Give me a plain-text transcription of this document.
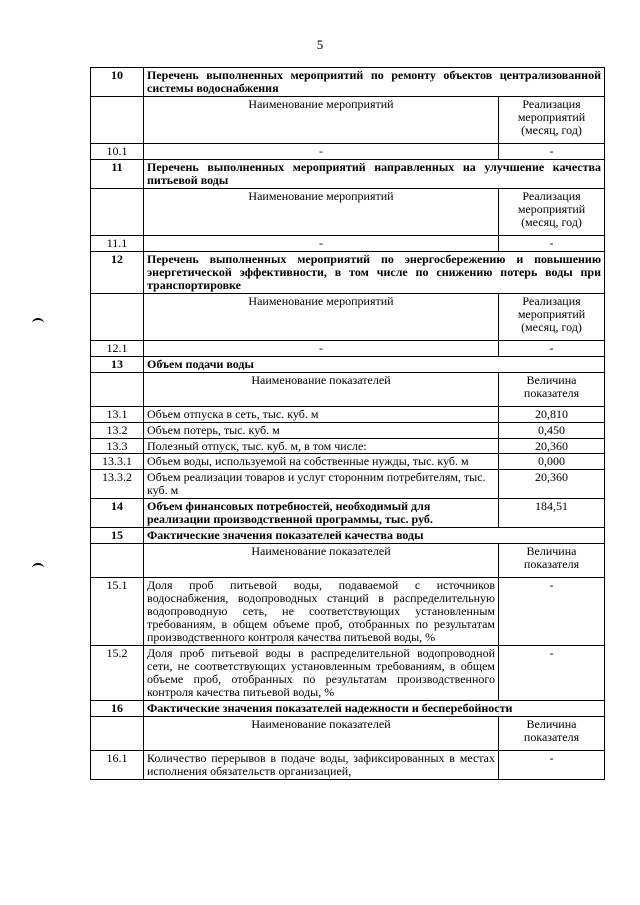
5
10	Перечень выполненных мероприятий по ремонту объектов централизованной системы водоснабжения	
	Наименование мероприятий	Реализация мероприятий (месяц, год)
10.1	-	-
11	Перечень выполненных мероприятий направленных на улучшение качества питьевой воды	
	Наименование мероприятий	Реализация мероприятий (месяц, год)
11.1	-	-
12	Перечень выполненных мероприятий по энергосбережению и повышению энергетической эффективности, в том числе по снижению потерь воды при транспортировке	
	Наименование мероприятий	Реализация мероприятий (месяц, год)
12.1	-	-
13	Объем подачи воды	
	Наименование показателей	Величина показателя
13.1	Объем отпуска в сеть, тыс. куб. м	20,810
13.2	Объем потерь, тыс. куб. м	0,450
13.3	Полезный отпуск, тыс. куб. м, в том числе:	20,360
13.3.1	Объем воды, используемой на собственные нужды, тыс. куб. м	0,000
13.3.2	Объем реализации товаров и услуг сторонним потребителям, тыс. куб. м	20,360
14	Объем финансовых потребностей, необходимый для реализации производственной программы, тыс. руб.	184,51
15	Фактические значения показателей качества воды	
	Наименование показателей	Величина показателя
15.1	Доля проб питьевой воды, подаваемой с источников водоснабжения, водопроводных станций в распределительную водопроводную сеть, не соответствующих установленным требованиям, в общем объеме проб, отобранных по результатам производственного контроля качества питьевой воды, %	-
15.2	Доля проб питьевой воды в распределительной водопроводной сети, не соответствующих установленным требованиям, в общем объеме проб, отобранных по результатам производственного контроля качества питьевой воды, %	-
16	Фактические значения показателей надежности и бесперебойности	
	Наименование показателей	Величина показателя
16.1	Количество перерывов в подаче воды, зафиксированных в местах исполнения обязательств организацией,	-
